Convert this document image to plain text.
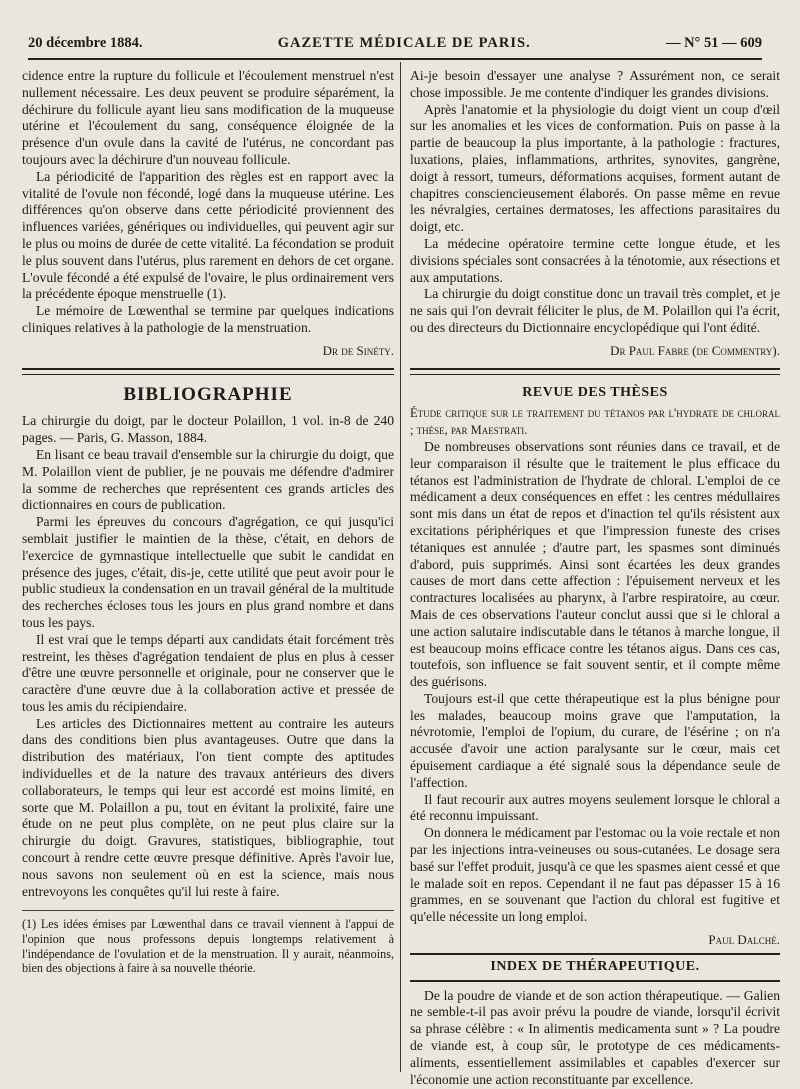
20 décembre 1884.	GAZETTE MÉDICALE DE PARIS.	— N° 51 — 609

cidence entre la rupture du follicule et l'écoulement menstruel n'est nullement nécessaire. Les deux peuvent se produire séparément, la déchirure du follicule ayant lieu sans modification de la muqueuse utérine et l'écoulement du sang, conséquence éloignée de la présence d'un ovule dans la cavité de l'utérus, ne concordant pas toujours avec la déchirure d'un nouveau follicule.

La périodicité de l'apparition des règles est en rapport avec la vitalité de l'ovule non fécondé, logé dans la muqueuse utérine. Les différences qu'on observe dans cette périodicité proviennent des influences variées, génériques ou individuelles, qui peuvent agir sur le plus ou moins de durée de cette vitalité. La fécondation se produit le plus souvent dans l'utérus, plus rarement en dehors de cet organe. L'ovule fécondé a été expulsé de l'ovaire, le plus ordinairement vers la précédente époque menstruelle (1).

Le mémoire de Lœwenthal se termine par quelques indications cliniques relatives à la pathologie de la menstruation.

Dr de Sinéty.
BIBLIOGRAPHIE

La chirurgie du doigt, par le docteur Polaillon, 1 vol. in-8 de 240 pages. — Paris, G. Masson, 1884.

En lisant ce beau travail d'ensemble sur la chirurgie du doigt, que M. Polaillon vient de publier, je ne pouvais me défendre d'admirer la somme de recherches que représentent ces grands articles des dictionnaires en cours de publication.

Parmi les épreuves du concours d'agrégation, ce qui jusqu'ici semblait justifier le maintien de la thèse, c'était, en dehors de l'exercice de gymnastique intellectuelle que subit le candidat en présence des juges, c'était, dis-je, cette utilité que peut avoir pour le public studieux la condensation en un travail général de la multitude des recherches écloses tous les jours en plus grand nombre et dans tous les pays.

Il est vrai que le temps départi aux candidats était forcément très restreint, les thèses d'agrégation tendaient de plus en plus à cesser d'être une œuvre personnelle et originale, pour ne conserver que le caractère d'une œuvre due à la collaboration active et pressée de tous les amis du récipiendaire.

Les articles des Dictionnaires mettent au contraire les auteurs dans des conditions bien plus avantageuses. Outre que dans la distribution des matériaux, l'on tient compte des aptitudes individuelles et de la nature des travaux antérieurs des divers collaborateurs, le temps qui leur est accordé est moins limité, en sorte que M. Polaillon a pu, tout en évitant la prolixité, faire une étude on ne peut plus complète, on ne peut plus claire sur la chirurgie du doigt. Gravures, statistiques, bibliographie, tout concourt à rendre cette œuvre presque définitive. Après l'avoir lue, nous savons non seulement où en est la science, mais nous entrevoyons les conquêtes qu'il lui reste à faire.

(1) Les idées émises par Lœwenthal dans ce travail viennent à l'appui de l'opinion que nous professons depuis longtemps relativement à l'indépendance de l'ovulation et de la menstruation. Il y aurait, néanmoins, bien des objections à faire à sa nouvelle théorie.

Ai-je besoin d'essayer une analyse ? Assurément non, ce serait chose impossible. Je me contente d'indiquer les grandes divisions.

Après l'anatomie et la physiologie du doigt vient un coup d'œil sur les anomalies et les vices de conformation. Puis on passe à la partie de beaucoup la plus importante, à la pathologie : fractures, luxations, plaies, inflammations, arthrites, synovites, gangrène, doigt à ressort, tumeurs, déformations acquises, forment autant de chapitres consciencieusement élaborés. On passe même en revue les névralgies, certaines dermatoses, les affections parasitaires du doigt, etc.

La médecine opératoire termine cette longue étude, et les divisions spéciales sont consacrées à la ténotomie, aux résections et aux amputations.

La chirurgie du doigt constitue donc un travail très complet, et je ne sais qui l'on devrait féliciter le plus, de M. Polaillon qui l'a écrit, ou des directeurs du Dictionnaire encyclopédique qui l'ont édité.

Dr Paul Fabre (de Commentry).
REVUE DES THÈSES

Étude critique sur le traitement du tétanos par l'hydrate de chloral ; thèse, par Maestrati.

De nombreuses observations sont réunies dans ce travail, et de leur comparaison il résulte que le traitement le plus efficace du tétanos est l'administration de l'hydrate de chloral. L'emploi de ce médicament a deux conséquences en effet : les centres médullaires sont mis dans un état de repos et d'inaction tel qu'ils résistent aux excitations périphériques et que l'impression funeste des crises tétaniques est annulée ; d'autre part, les spasmes sont diminués d'abord, puis supprimés. Ainsi sont écartées les deux grandes causes de mort dans cette affection : l'épuisement nerveux et les contractures localisées au pharynx, à l'arbre respiratoire, au cœur. Mais de ces observations l'auteur conclut aussi que si le chloral a une action salutaire indiscutable dans le tétanos à marche longue, il est beaucoup moins efficace contre les tétanos aigus. Dans ces cas, toutefois, son influence se fait souvent sentir, et il compte même des guérisons.

Toujours est-il que cette thérapeutique est la plus bénigne pour les malades, beaucoup moins grave que l'amputation, la névrotomie, l'emploi de l'opium, du curare, de l'ésérine ; on n'a accusée d'avoir une action paralysante sur le cœur, mais cet épuisement cardiaque a été signalé sous la dépendance seule de l'affection.

Il faut recourir aux autres moyens seulement lorsque le chloral a été reconnu impuissant.

On donnera le médicament par l'estomac ou la voie rectale et non par les injections intra-veineuses ou sous-cutanées. Le dosage sera basé sur l'effet produit, jusqu'à ce que les spasmes aient cessé et que le malade soit en repos. Cependant il ne faut pas dépasser 15 à 16 grammes, en se souvenant que l'action du chloral est fugitive et qu'elle nécessite un long emploi.

Paul Dalché.
INDEX DE THÉRAPEUTIQUE.

De la poudre de viande et de son action thérapeutique. — Galien ne semble-t-il pas avoir prévu la poudre de viande, lorsqu'il écrivit sa phrase célèbre : « In alimentis medicamenta sunt » ? La poudre de viande est, à coup sûr, le prototype de ces médicaments-aliments, essentiellement assimilables et capables d'exercer sur l'économie une action reconstituante par excellence.
